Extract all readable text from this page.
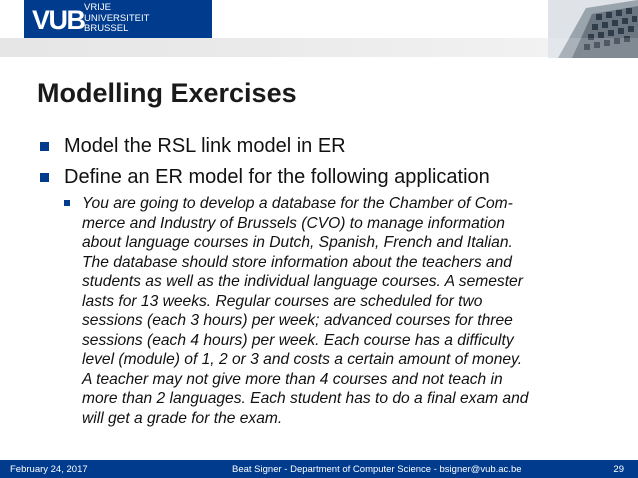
VUB VRIJE
UNIVERSITEIT
BRUSSEL
Modelling Exercises
Model the RSL link model in ER
Define an ER model for the following application
You are going to develop a database for the Chamber of Com-
merce and Industry of Brussels (CVO) to manage information
about language courses in Dutch, Spanish, French and Italian.
The database should store information about the teachers and
students as well as the individual language courses. A semester
lasts for 13 weeks. Regular courses are scheduled for two
sessions (each 3 hours) per week; advanced courses for three
sessions (each 4 hours) per week. Each course has a difficulty
level (module) of 1, 2 or 3 and costs a certain amount of money.
A teacher may not give more than 4 courses and not teach in
more than 2 languages. Each student has to do a final exam and
will get a grade for the exam.
February 24, 2017	Beat Signer - Department of Computer Science - bsigner@vub.ac.be	29
